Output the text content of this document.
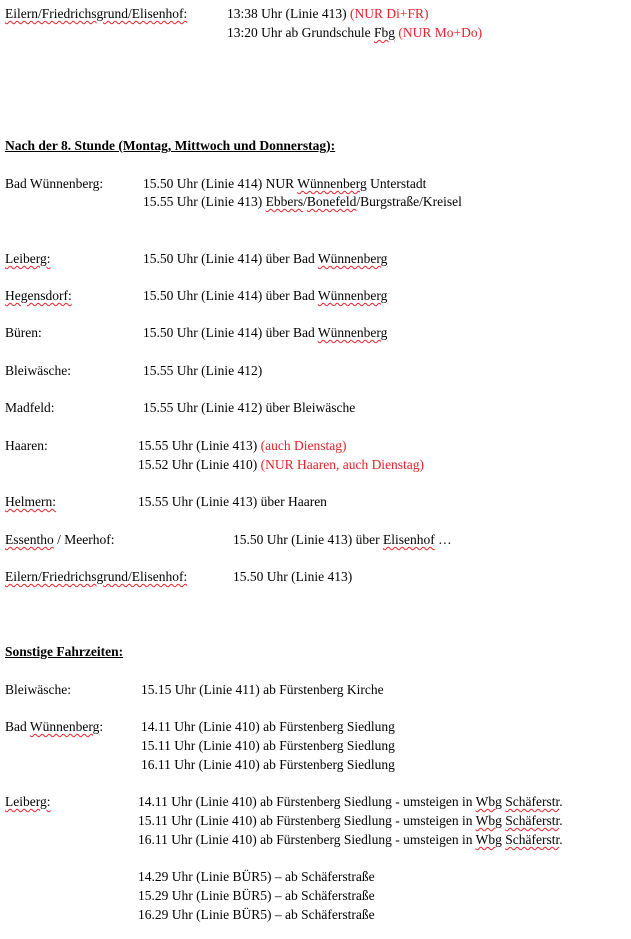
Eilern/Friedrichsgrund/Elisenhof:	13:38 Uhr (Linie 413) (NUR Di+FR)
13:20 Uhr ab Grundschule Fbg (NUR Mo+Do)
Nach der 8. Stunde (Montag, Mittwoch und Donnerstag):
Bad Wünnenberg:	15.50 Uhr (Linie 414) NUR Wünnenberg Unterstadt
15.55 Uhr (Linie 413) Ebbers/Bonefeld/Burgstraße/Kreisel
Leiberg:	15.50 Uhr (Linie 414) über Bad Wünnenberg
Hegensdorf:	15.50 Uhr (Linie 414) über Bad Wünnenberg
Büren:	15.50 Uhr (Linie 414) über Bad Wünnenberg
Bleiwäsche:	15.55 Uhr (Linie 412)
Madfeld:	15.55 Uhr (Linie 412) über Bleiwäsche
Haaren:	15.55 Uhr (Linie 413) (auch Dienstag)
15.52 Uhr (Linie 410) (NUR Haaren, auch Dienstag)
Helmern:	15.55 Uhr (Linie 413) über Haaren
Essentho / Meerhof:	15.50 Uhr (Linie 413) über Elisenhof …
Eilern/Friedrichsgrund/Elisenhof:	15.50 Uhr (Linie 413)
Sonstige Fahrzeiten:
Bleiwäsche:	15.15 Uhr (Linie 411) ab Fürstenberg Kirche
Bad Wünnenberg:	14.11 Uhr (Linie 410) ab Fürstenberg Siedlung
15.11 Uhr (Linie 410) ab Fürstenberg Siedlung
16.11 Uhr (Linie 410) ab Fürstenberg Siedlung
Leiberg:	14.11 Uhr (Linie 410) ab Fürstenberg Siedlung - umsteigen in Wbg Schäferstr.
15.11 Uhr (Linie 410) ab Fürstenberg Siedlung - umsteigen in Wbg Schäferstr.
16.11 Uhr (Linie 410) ab Fürstenberg Siedlung - umsteigen in Wbg Schäferstr.
14.29 Uhr (Linie BÜR5) – ab Schäferstraße
15.29 Uhr (Linie BÜR5) – ab Schäferstraße
16.29 Uhr (Linie BÜR5) – ab Schäferstraße
